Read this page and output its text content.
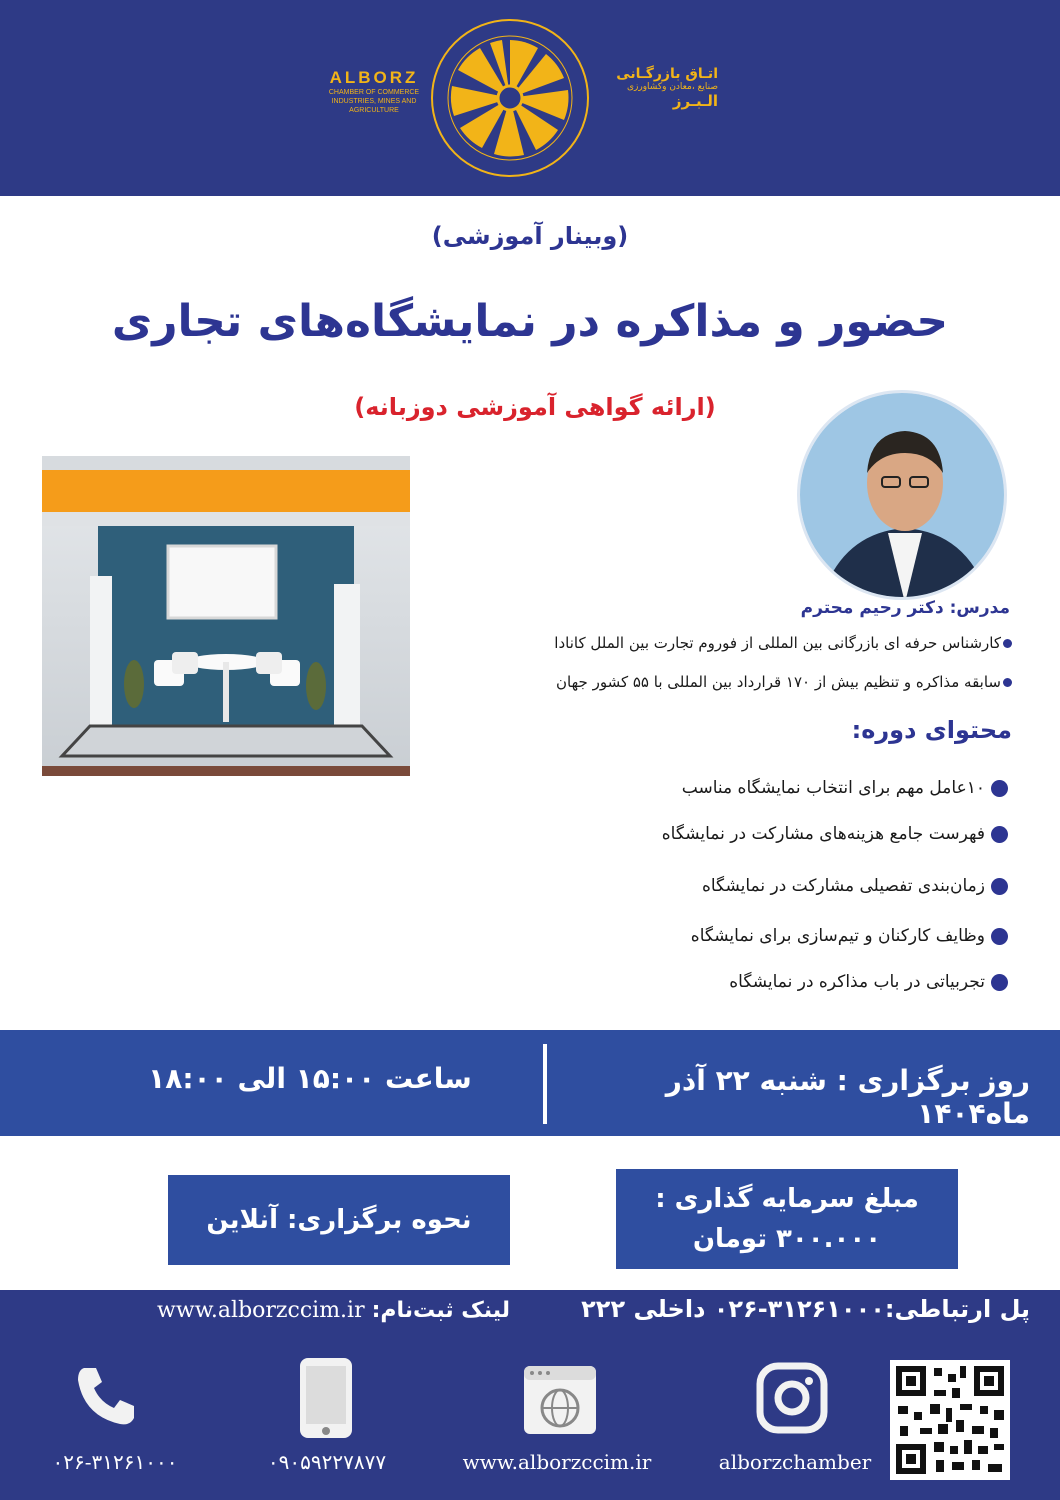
ALBORZ
CHAMBER OF COMMERCE
INDUSTRIES, MINES AND AGRICULTURE
اتـاق بازرگـانی
صنایع ،معادن وکشاورزی
الـبـرز
(وبینار آموزشی)
حضور و مذاکره در نمایشگاه‌های تجاری
(ارائه گواهی آموزشی دوزبانه)
مدرس: دکتر رحیم محترم
کارشناس حرفه ای بازرگانی بین المللی از فوروم تجارت بین الملل کانادا
سابقه مذاکره و تنظیم بیش از ۱۷۰ قرارداد بین المللی با ۵۵ کشور جهان
محتوای دوره:
۱۰عامل مهم برای انتخاب نمایشگاه مناسب
فهرست جامع هزینه‌های مشارکت در نمایشگاه
زمان‌بندی تفصیلی مشارکت در نمایشگاه
وظایف کارکنان و تیم‌سازی برای نمایشگاه
تجربیاتی در باب مذاکره در نمایشگاه
روز برگزاری : شنبه ۲۲ آذر ماه۱۴۰۴
ساعت ۱۵:۰۰ الی ۱۸:۰۰
مبلغ سرمایه گذاری :
۳۰۰.۰۰۰ تومان
نحوه برگزاری: آنلاین
پل ارتباطی:۳۱۲۶۱۰۰۰-۰۲۶ داخلی ۲۲۲
لینک ثبت‌نام: www.alborzccim.ir
۰۲۶-۳۱۲۶۱۰۰۰	۰۹۰۵۹۲۲۷۸۷۷	www.alborzccim.ir	alborzchamber
